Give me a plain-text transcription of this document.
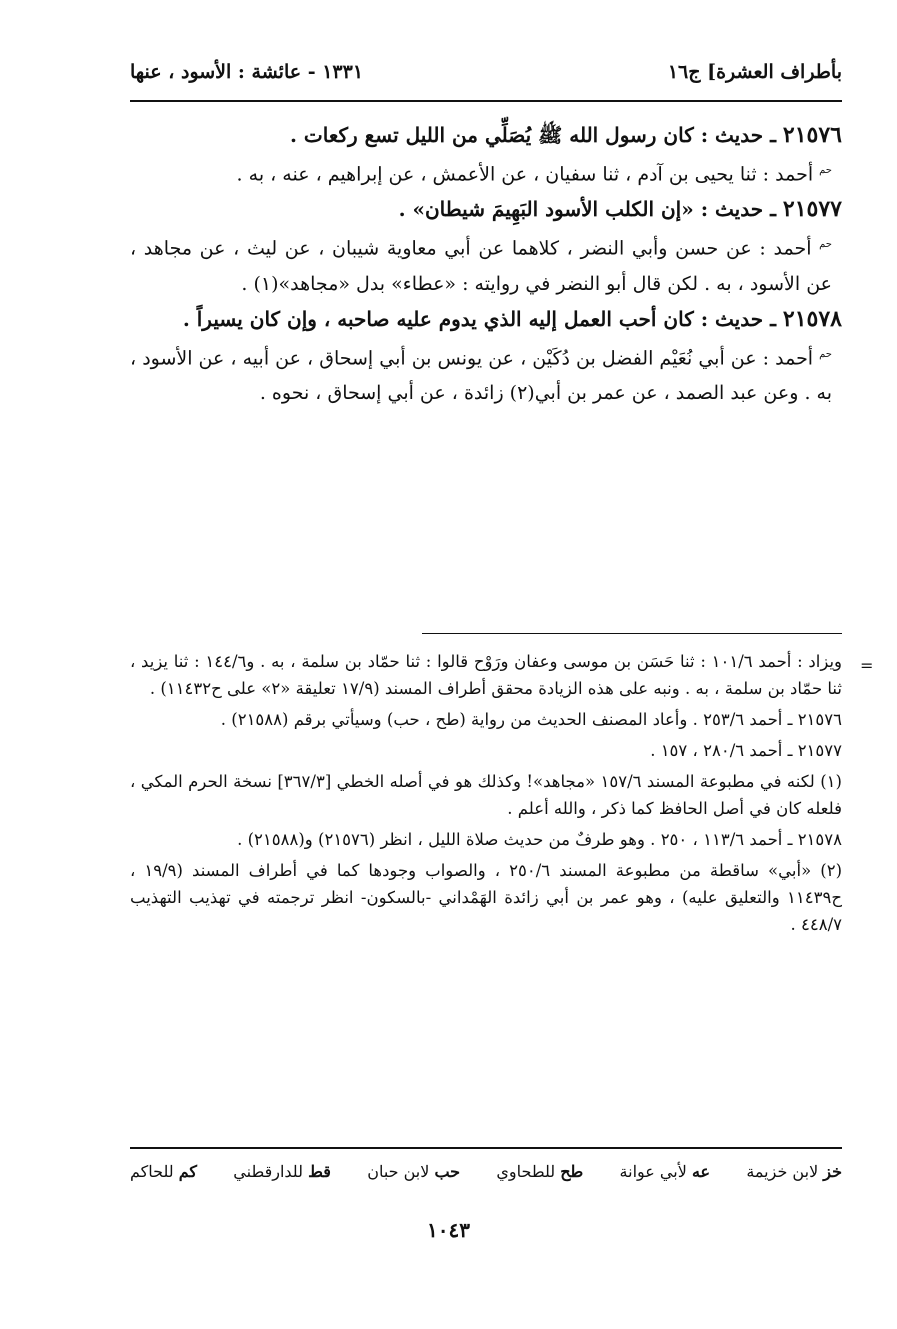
بأطراف العشرة] ج١٦
١٣٣١ - عائشة : الأسود ، عنها
٢١٥٧٦ ـ حديث : كان رسول الله ﷺ يُصَلِّي من الليل تسع ركعات .
$^{حم}$ أحمد : ثنا يحيى بن آدم ، ثنا سفيان ، عن الأعمش ، عن إبراهيم ، عنه ، به .
٢١٥٧٧ ـ حديث : «إن الكلب الأسود البَهِيمَ شيطان» .
$^{حم}$ أحمد : عن حسن وأبي النضر ، كلاهما عن أبي معاوية شيبان ، عن ليث ، عن مجاهد ، عن الأسود ، به . لكن قال أبو النضر في روايته : «عطاء» بدل «مجاهد»(١) .
٢١٥٧٨ ـ حديث : كان أحب العمل إليه الذي يدوم عليه صاحبه ، وإن كان يسيراً .
$^{حم}$ أحمد : عن أبي نُعَيْم الفضل بن دُكَيْن ، عن يونس بن أبي إسحاق ، عن أبيه ، عن الأسود ، به . وعن عبد الصمد ، عن عمر بن أبي(٢) زائدة ، عن أبي إسحاق ، نحوه .
=

ويزاد : أحمد ١٠١/٦ : ثنا حَسَن بن موسى وعفان ورَوْح قالوا : ثنا حمّاد بن سلمة ، به . و١٤٤/٦ : ثنا يزيد ، ثنا حمّاد بن سلمة ، به . ونبه على هذه الزيادة محقق أطراف المسند (١٧/٩ تعليقة «٢» على ح١١٤٣٢) .

٢١٥٧٦ ـ أحمد ٢٥٣/٦ . وأعاد المصنف الحديث من رواية (طح ، حب) وسيأتي برقم (٢١٥٨٨) .

٢١٥٧٧ ـ أحمد ٢٨٠/٦ ، ١٥٧ .

(١) لكنه في مطبوعة المسند ١٥٧/٦ «مجاهد»! وكذلك هو في أصله الخطي [٣٦٧/٣] نسخة الحرم المكي ، فلعله كان في أصل الحافظ كما ذكر ، والله أعلم .

٢١٥٧٨ ـ أحمد ١١٣/٦ ، ٢٥٠ . وهو طرفٌ من حديث صلاة الليل ، انظر (٢١٥٧٦) و(٢١٥٨٨) .

(٢) «أبي» ساقطة من مطبوعة المسند ٢٥٠/٦ ، والصواب وجودها كما في أطراف المسند (١٩/٩ ، ح١١٤٣٩ والتعليق عليه) ، وهو عمر بن أبي زائدة الهَمْداني -بالسكون- انظر ترجمته في تهذيب التهذيب ٤٤٨/٧ .

خز لابن خزيمة
عه لأبي عوانة
طح للطحاوي
حب لابن حبان
قط للدارقطني
كم للحاكم
١٠٤٣
